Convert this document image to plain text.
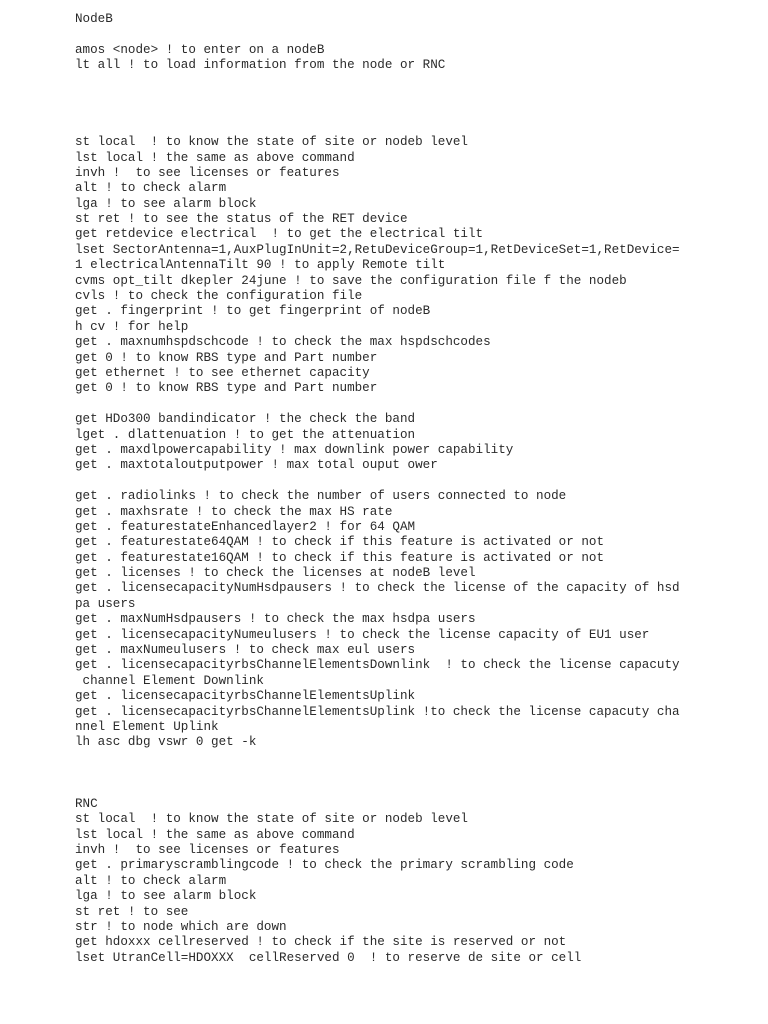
NodeB
amos <node> ! to enter on a nodeB
lt all ! to load information from the node or RNC
st local  ! to know the state of site or nodeb level
lst local ! the same as above command
invh !  to see licenses or features
alt ! to check alarm
lga ! to see alarm block
st ret ! to see the status of the RET device
get retdevice electrical  ! to get the electrical tilt
lset SectorAntenna=1,AuxPlugInUnit=2,RetuDeviceGroup=1,RetDeviceSet=1,RetDevice=
1 electricalAntennaTilt 90 ! to apply Remote tilt
cvms opt_tilt dkepler 24june ! to save the configuration file f the nodeb
cvls ! to check the configuration file
get . fingerprint ! to get fingerprint of nodeB
h cv ! for help
get . maxnumhspdschcode ! to check the max hspdschcodes
get 0 ! to know RBS type and Part number
get ethernet ! to see ethernet capacity
get 0 ! to know RBS type and Part number
get HDo300 bandindicator ! the check the band
lget . dlattenuation ! to get the attenuation
get . maxdlpowercapability ! max downlink power capability
get . maxtotaloutputpower ! max total ouput ower
get . radiolinks ! to check the number of users connected to node
get . maxhsrate ! to check the max HS rate
get . featurestateEnhancedlayer2 ! for 64 QAM
get . featurestate64QAM ! to check if this feature is activated or not
get . featurestate16QAM ! to check if this feature is activated or not
get . licenses ! to check the licenses at nodeB level
get . licensecapacityNumHsdpausers ! to check the license of the capacity of hsd
pa users
get . maxNumHsdpausers ! to check the max hsdpa users
get . licensecapacityNumeulusers ! to check the license capacity of EU1 user
get . maxNumeulusers ! to check max eul users
get . licensecapacityrbsChannelElementsDownlink  ! to check the license capacuty
channel Element Downlink
get . licensecapacityrbsChannelElementsUplink
get . licensecapacityrbsChannelElementsUplink !to check the license capacuty cha
nnel Element Uplink
lh asc dbg vswr 0 get -k
RNC
st local  ! to know the state of site or nodeb level
lst local ! the same as above command
invh !  to see licenses or features
get . primaryscramblingcode ! to check the primary scrambling code
alt ! to check alarm
lga ! to see alarm block
st ret ! to see
str ! to node which are down
get hdoxxx cellreserved ! to check if the site is reserved or not
lset UtranCell=HDOXXX  cellReserved 0  ! to reserve de site or cell
